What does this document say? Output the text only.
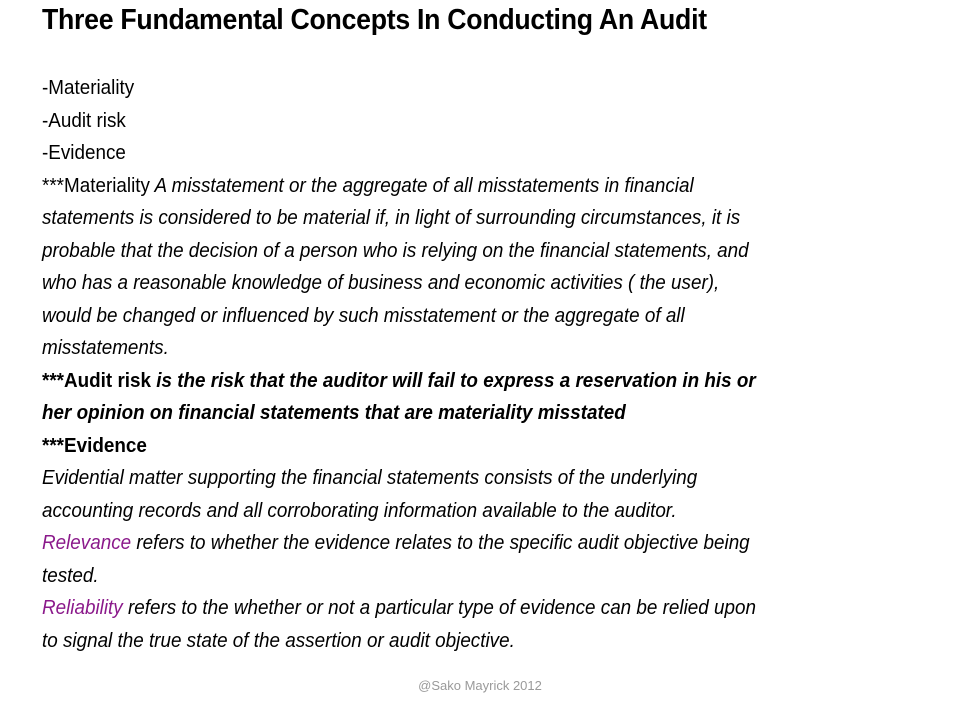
Three Fundamental Concepts In Conducting An Audit
-Materiality
-Audit risk
-Evidence
***Materiality A misstatement or the aggregate of all misstatements in financial
statements is considered to be material if, in light of surrounding circumstances, it is
probable that the decision of a person who is relying on the financial statements, and
who has a reasonable knowledge of business and economic activities ( the user),
would be changed or influenced by such misstatement or the aggregate of all
misstatements.
***Audit risk is the risk that the auditor will fail to express a reservation in his or
her opinion on financial statements that are materiality misstated
***Evidence
Evidential matter supporting the financial statements consists of the underlying
accounting records and all corroborating information available to the auditor.
Relevance refers to whether the evidence relates to the specific audit objective being
tested.
Reliability refers to the whether or not a particular type of evidence can be relied upon
to signal the true state of the assertion or audit objective.
@Sako Mayrick 2012
